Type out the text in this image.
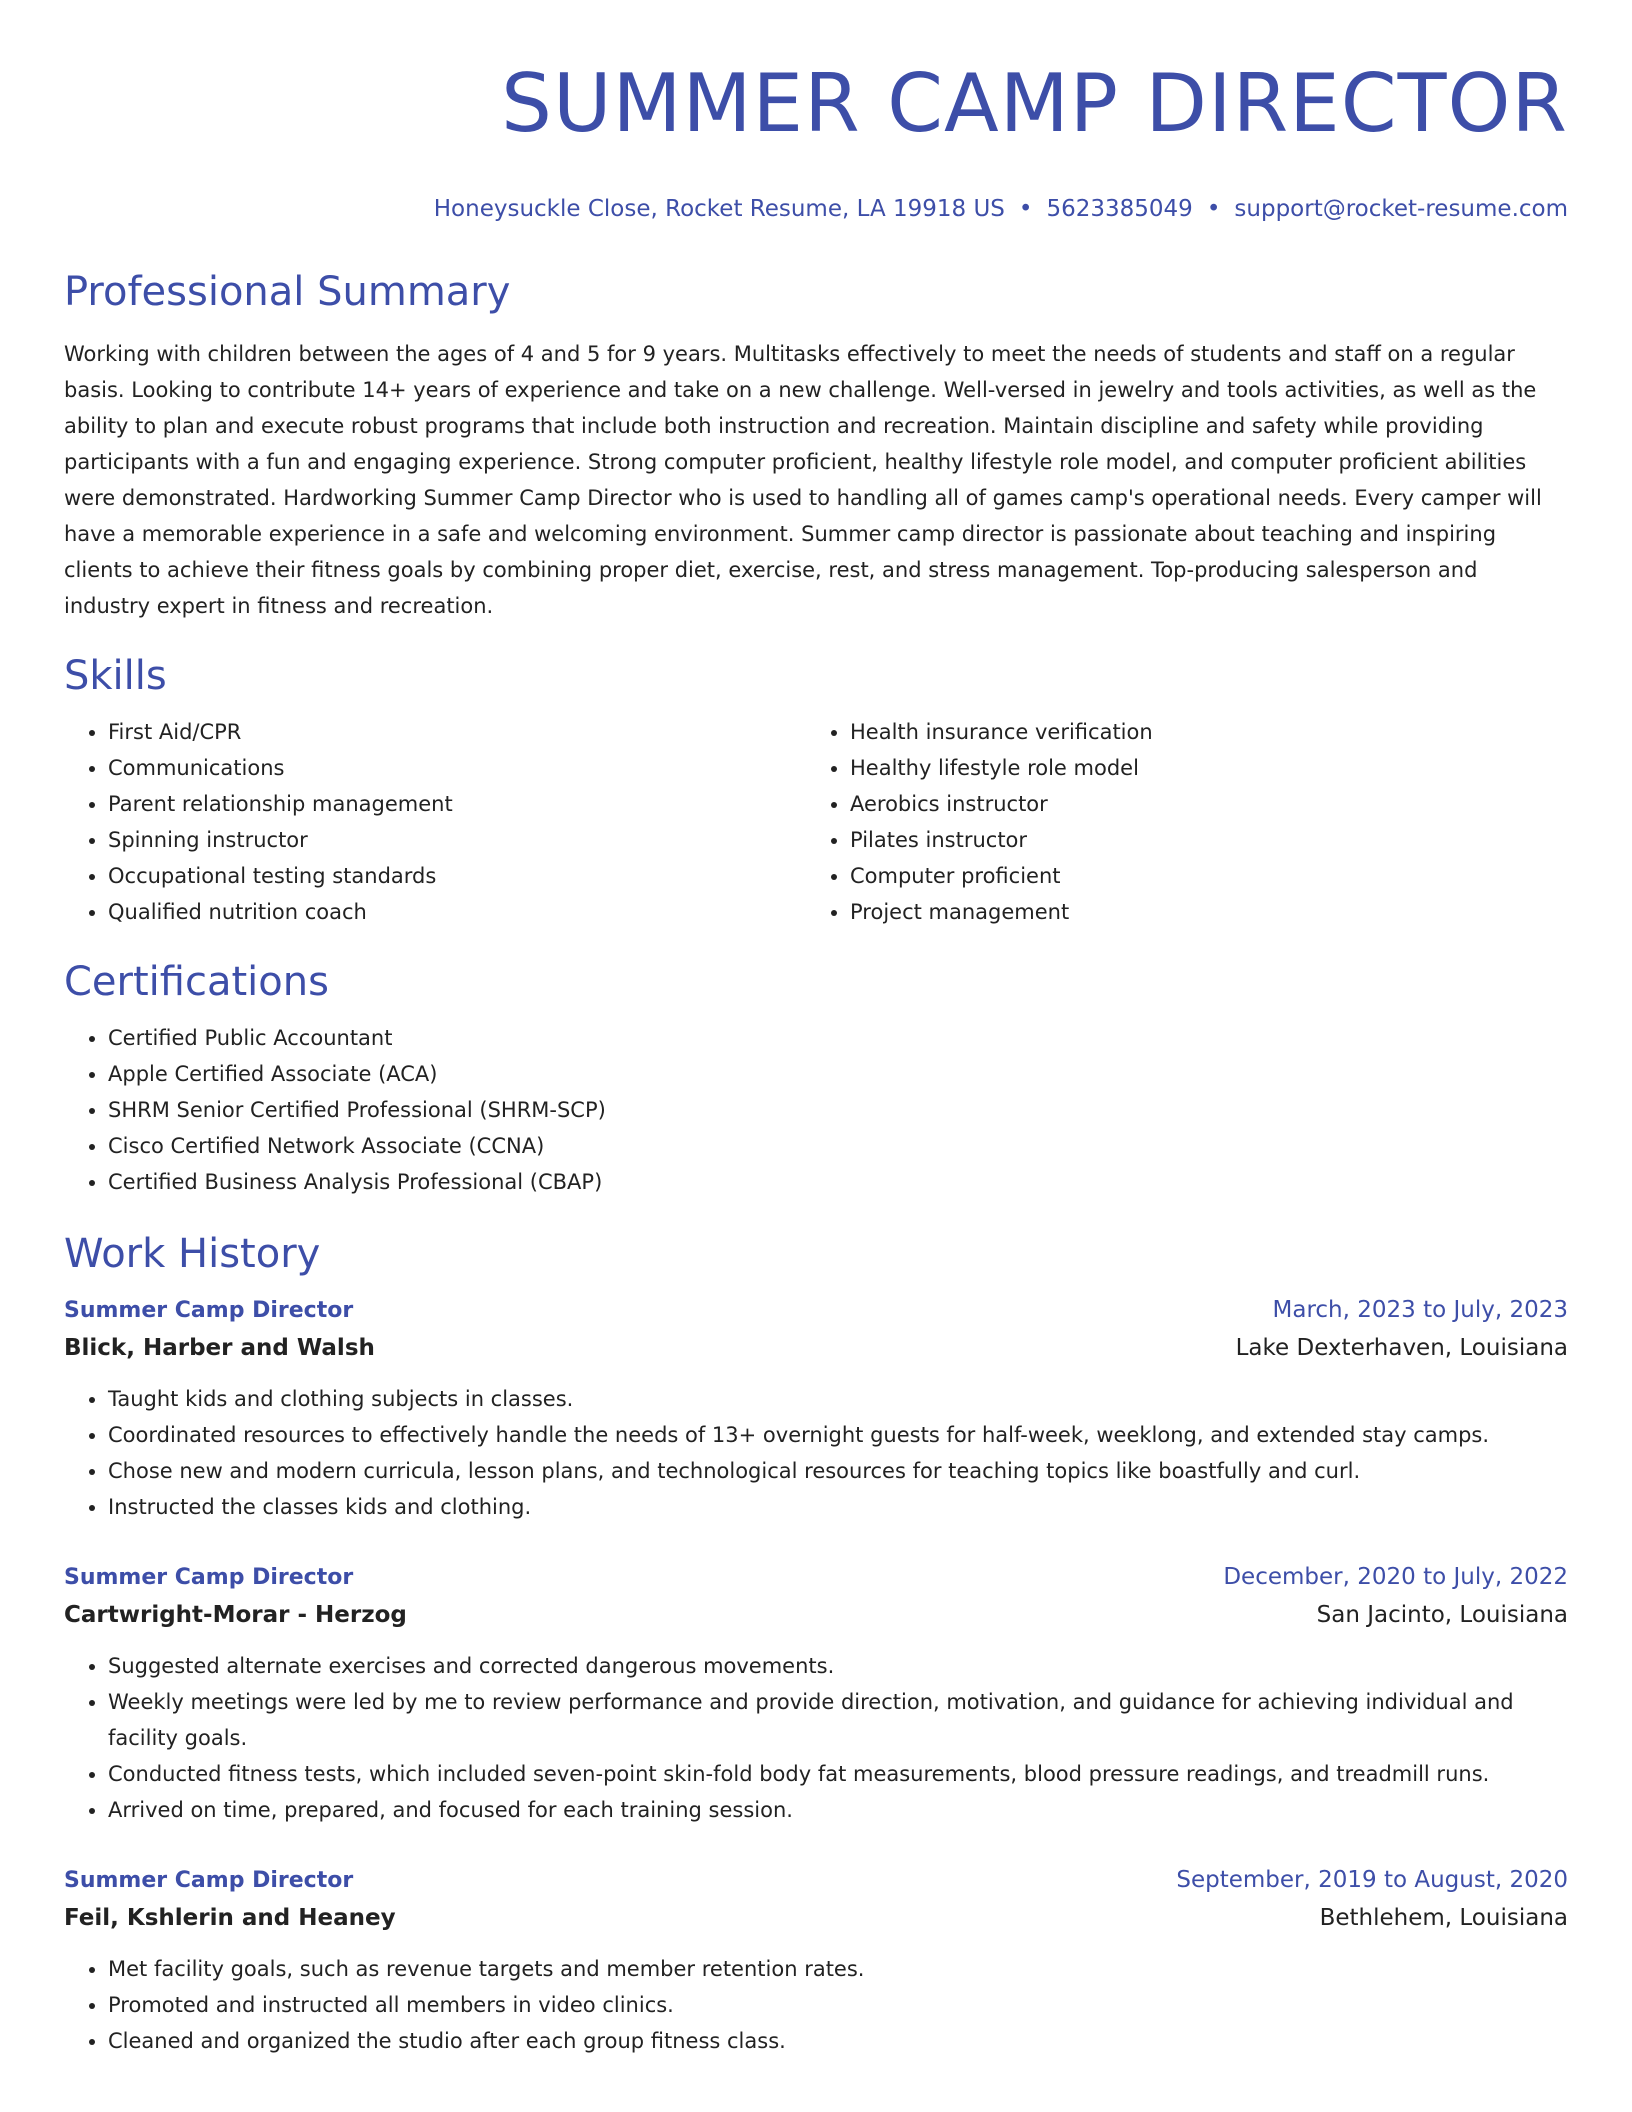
SUMMER CAMP DIRECTOR
Honeysuckle Close, Rocket Resume, LA 19918 US • 5623385049 • support@rocket-resume.com
Professional Summary

Working with children between the ages of 4 and 5 for 9 years. Multitasks effectively to meet the needs of students and staff on a regular basis. Looking to contribute 14+ years of experience and take on a new challenge. Well-versed in jewelry and tools activities, as well as the ability to plan and execute robust programs that include both instruction and recreation. Maintain discipline and safety while providing participants with a fun and engaging experience. Strong computer proficient, healthy lifestyle role model, and computer proficient abilities were demonstrated. Hardworking Summer Camp Director who is used to handling all of games camp's operational needs. Every camper will have a memorable experience in a safe and welcoming environment. Summer camp director is passionate about teaching and inspiring clients to achieve their fitness goals by combining proper diet, exercise, rest, and stress management. Top-producing salesperson and industry expert in fitness and recreation.

Skills
• First Aid/CPR
• Communications
• Parent relationship management
• Spinning instructor
• Occupational testing standards
• Qualified nutrition coach
• Health insurance verification
• Healthy lifestyle role model
• Aerobics instructor
• Pilates instructor
• Computer proficient
• Project management
Certifications
• Certified Public Accountant
• Apple Certified Associate (ACA)
• SHRM Senior Certified Professional (SHRM-SCP)
• Cisco Certified Network Associate (CCNA)
• Certified Business Analysis Professional (CBAP)
Work History
Summer Camp Director	March, 2023 to July, 2023
Blick, Harber and Walsh	Lake Dexterhaven, Louisiana
• Taught kids and clothing subjects in classes.
• Coordinated resources to effectively handle the needs of 13+ overnight guests for half-week, weeklong, and extended stay camps.
• Chose new and modern curricula, lesson plans, and technological resources for teaching topics like boastfully and curl.
• Instructed the classes kids and clothing.
Summer Camp Director	December, 2020 to July, 2022
Cartwright-Morar - Herzog	San Jacinto, Louisiana
• Suggested alternate exercises and corrected dangerous movements.
• Weekly meetings were led by me to review performance and provide direction, motivation, and guidance for achieving individual and facility goals.
• Conducted fitness tests, which included seven-point skin-fold body fat measurements, blood pressure readings, and treadmill runs.
• Arrived on time, prepared, and focused for each training session.
Summer Camp Director	September, 2019 to August, 2020
Feil, Kshlerin and Heaney	Bethlehem, Louisiana
• Met facility goals, such as revenue targets and member retention rates.
• Promoted and instructed all members in video clinics.
• Cleaned and organized the studio after each group fitness class.
